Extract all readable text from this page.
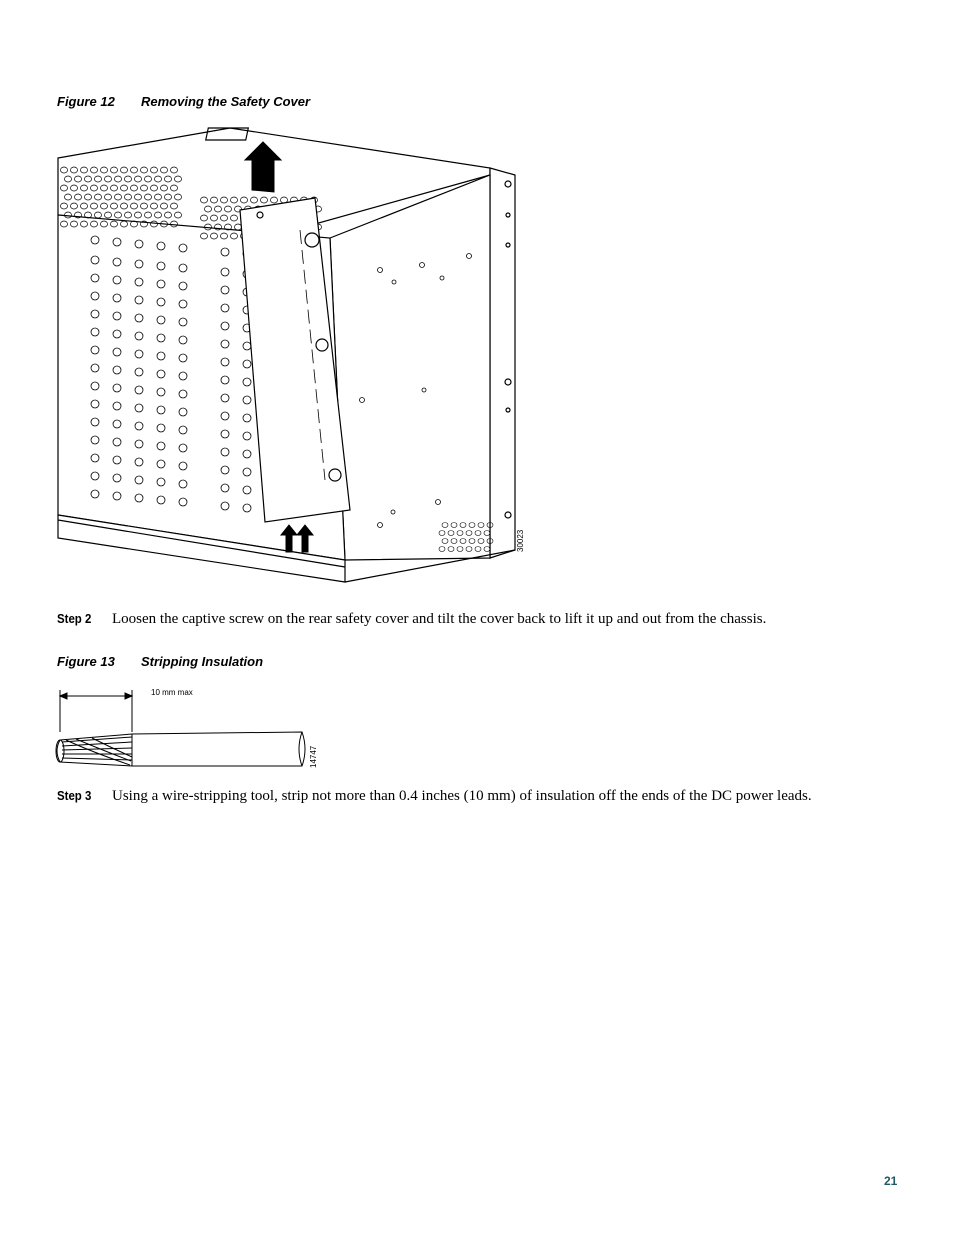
Figure 12 Removing the Safety Cover
30023
Step 2 Loosen the captive screw on the rear safety cover and tilt the cover back to lift it up and out from the chassis.
Figure 13 Stripping Insulation
10 mm max
14747
Step 3 Using a wire-stripping tool, strip not more than 0.4 inches (10 mm) of insulation off the ends of the DC power leads.
21
